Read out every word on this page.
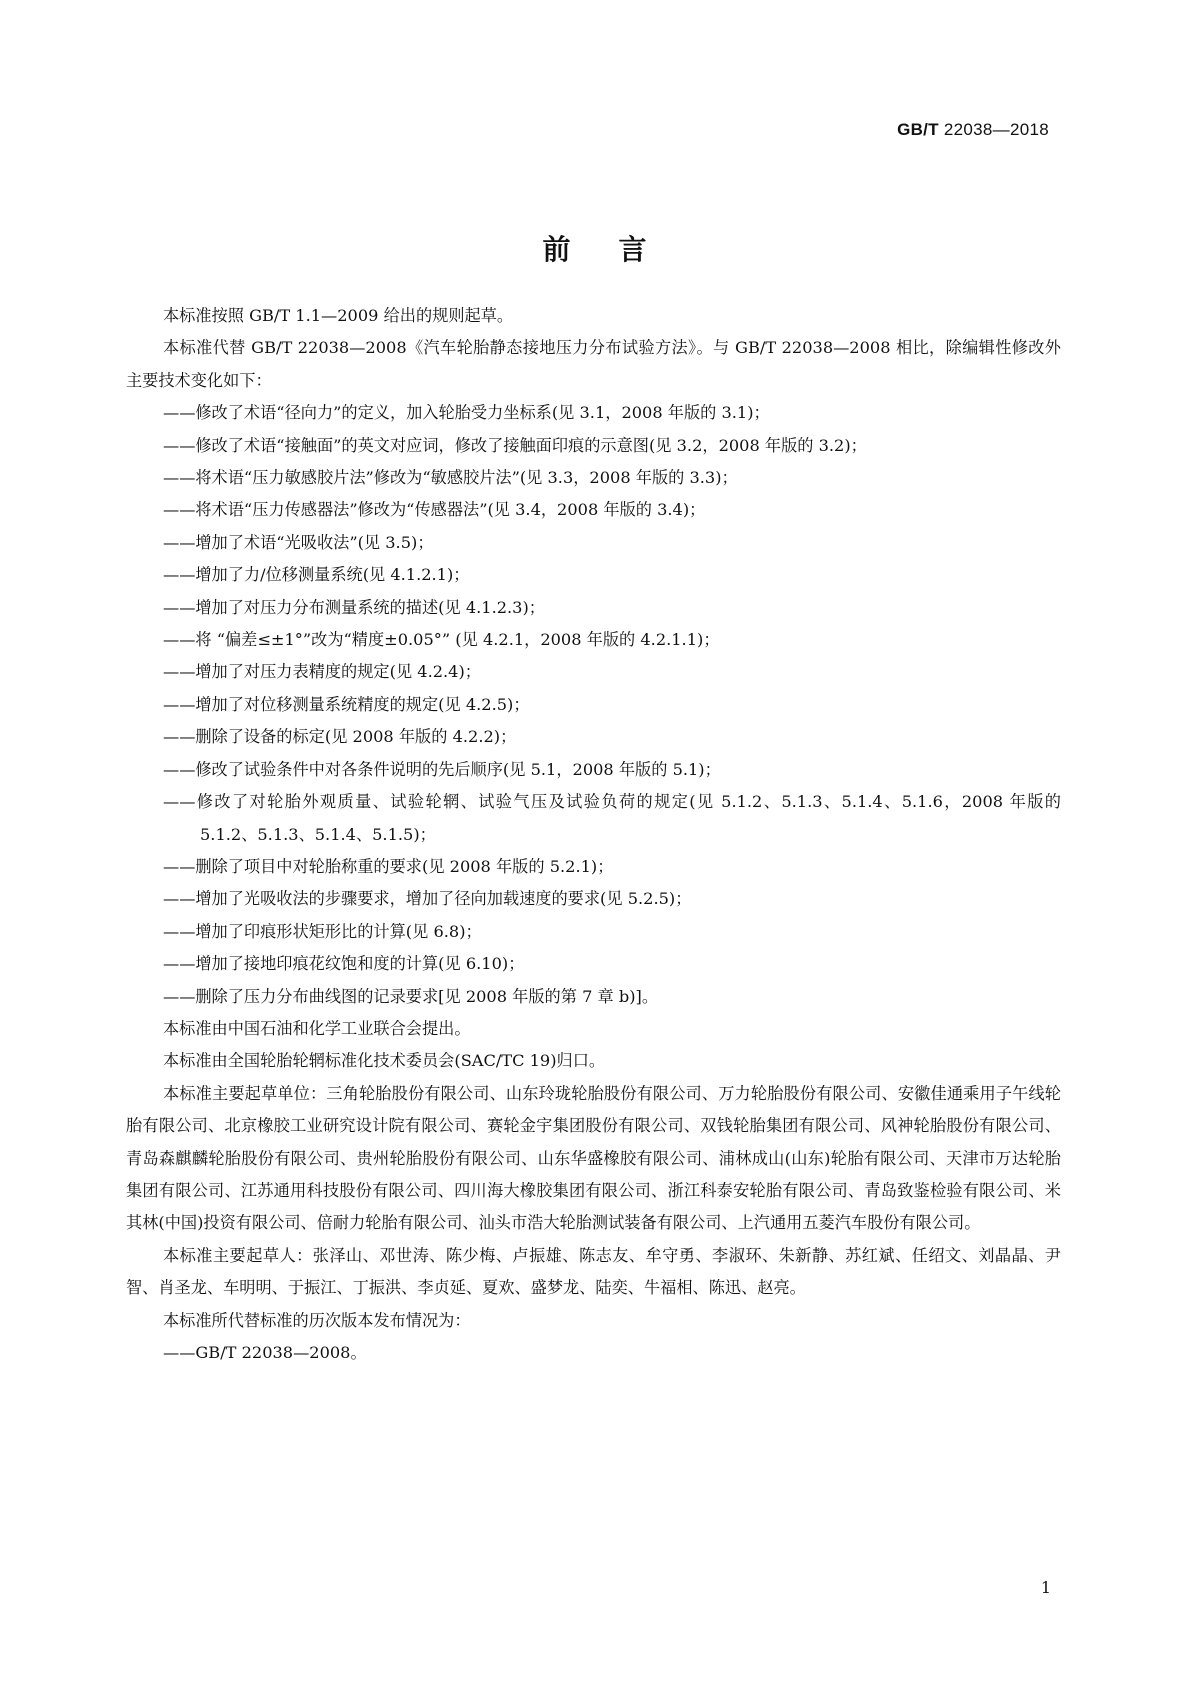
GB/T 22038—2018
前 言

本标准按照 GB/T 1.1—2009 给出的规则起草。

本标准代替 GB/T 22038—2008《汽车轮胎静态接地压力分布试验方法》。与 GB/T 22038—2008 相比，除编辑性修改外主要技术变化如下：

——修改了术语“径向力”的定义，加入轮胎受力坐标系(见 3.1，2008 年版的 3.1)；

——修改了术语“接触面”的英文对应词，修改了接触面印痕的示意图(见 3.2，2008 年版的 3.2)；

——将术语“压力敏感胶片法”修改为“敏感胶片法”(见 3.3，2008 年版的 3.3)；

——将术语“压力传感器法”修改为“传感器法”(见 3.4，2008 年版的 3.4)；

——增加了术语“光吸收法”(见 3.5)；

——增加了力/位移测量系统(见 4.1.2.1)；

——增加了对压力分布测量系统的描述(见 4.1.2.3)；

——将 “偏差≤±1°”改为“精度±0.05°” (见 4.2.1，2008 年版的 4.2.1.1)；

——增加了对压力表精度的规定(见 4.2.4)；

——增加了对位移测量系统精度的规定(见 4.2.5)；

——删除了设备的标定(见 2008 年版的 4.2.2)；

——修改了试验条件中对各条件说明的先后顺序(见 5.1，2008 年版的 5.1)；

——修改了对轮胎外观质量、试验轮辋、试验气压及试验负荷的规定(见 5.1.2、5.1.3、5.1.4、5.1.6，2008 年版的 5.1.2、5.1.3、5.1.4、5.1.5)；

——删除了项目中对轮胎称重的要求(见 2008 年版的 5.2.1)；

——增加了光吸收法的步骤要求，增加了径向加载速度的要求(见 5.2.5)；

——增加了印痕形状矩形比的计算(见 6.8)；

——增加了接地印痕花纹饱和度的计算(见 6.10)；

——删除了压力分布曲线图的记录要求[见 2008 年版的第 7 章 b)]。

本标准由中国石油和化学工业联合会提出。

本标准由全国轮胎轮辋标准化技术委员会(SAC/TC 19)归口。

本标准主要起草单位：三角轮胎股份有限公司、山东玲珑轮胎股份有限公司、万力轮胎股份有限公司、安徽佳通乘用子午线轮胎有限公司、北京橡胶工业研究设计院有限公司、赛轮金宇集团股份有限公司、双钱轮胎集团有限公司、风神轮胎股份有限公司、青岛森麒麟轮胎股份有限公司、贵州轮胎股份有限公司、山东华盛橡胶有限公司、浦林成山(山东)轮胎有限公司、天津市万达轮胎集团有限公司、江苏通用科技股份有限公司、四川海大橡胶集团有限公司、浙江科泰安轮胎有限公司、青岛致鉴检验有限公司、米其林(中国)投资有限公司、倍耐力轮胎有限公司、汕头市浩大轮胎测试装备有限公司、上汽通用五菱汽车股份有限公司。

本标准主要起草人：张泽山、邓世涛、陈少梅、卢振雄、陈志友、牟守勇、李淑环、朱新静、苏红斌、任绍文、刘晶晶、尹智、肖圣龙、车明明、于振江、丁振洪、李贞延、夏欢、盛梦龙、陆奕、牛福相、陈迅、赵亮。

本标准所代替标准的历次版本发布情况为：

——GB/T 22038—2008。

1
